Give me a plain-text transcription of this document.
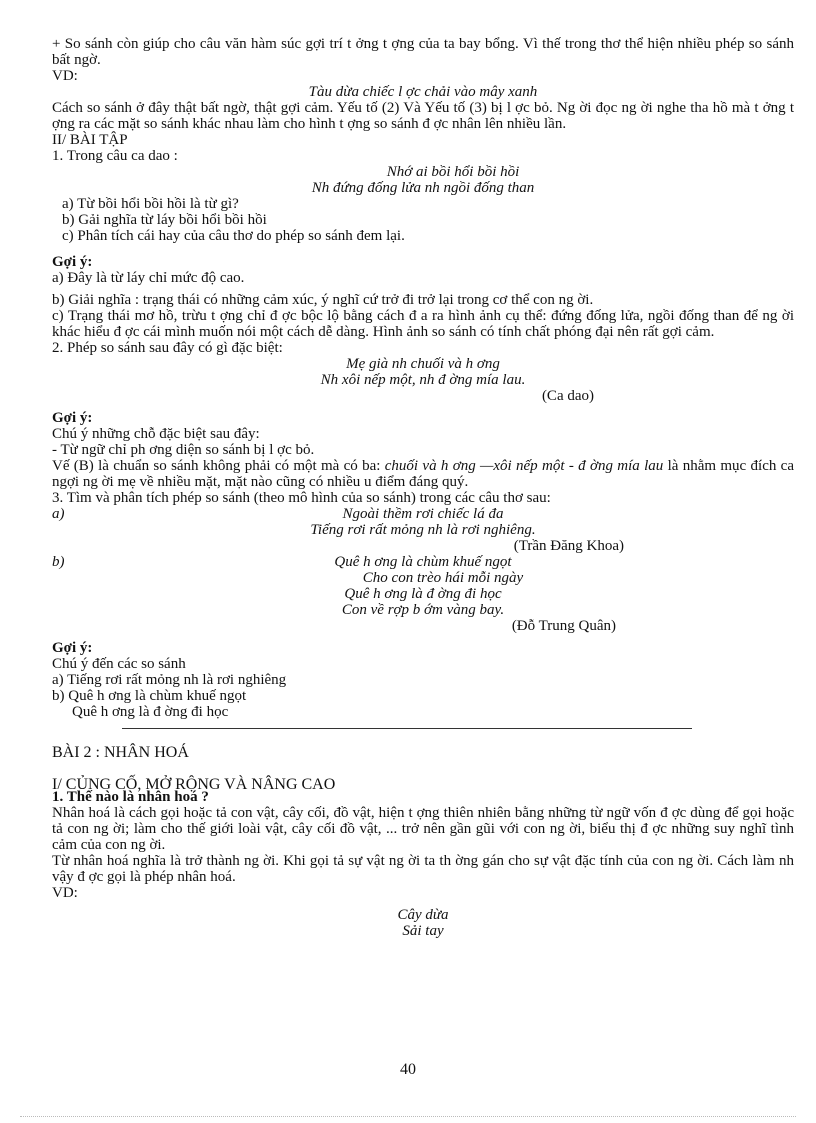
+ So sánh còn giúp cho câu văn hàm súc gợi trí t ởng t ợng của ta bay bổng. Vì thế trong thơ thể hiện nhiều phép so sánh bất ngờ.

VD:

Tàu dừa chiếc l ợc chải vào mây xanh

Cách so sánh ở đây thật bất ngờ, thật gợi cảm. Yếu tố (2) Và Yếu tố (3) bị l ợc bỏ. Ng ời đọc ng ời nghe tha hồ mà t ởng t ợng ra các mặt so sánh khác nhau làm cho hình t ợng so sánh đ ợc nhân lên nhiều lần.

II/ BÀI TẬP

1. Trong câu ca dao :

Nhớ ai bồi hổi bồi hồi

Nh đứng đống lửa nh ngồi đống than

a) Từ bồi hổi bồi hồi là từ gì?

b) Gải nghĩa từ láy bồi hổi bồi hồi

c) Phân tích cái hay của câu thơ do phép so sánh đem lại.

Gợi ý:

a) Đây là từ láy chỉ mức độ cao.

b) Giải nghĩa : trạng thái có những cảm xúc, ý nghĩ cứ trở đi trở lại trong cơ thể con ng ời.

c) Trạng thái mơ hồ, trừu t ợng chỉ đ ợc bộc lộ bằng cách đ a ra hình ảnh cụ thể: đứng đống lửa, ngồi đống than để ng ời khác hiểu đ ợc cái mình muốn nói một cách dễ dàng. Hình ảnh so sánh có tính chất phóng đại nên rất gợi cảm.

2. Phép so sánh sau đây có gì đặc biệt:

Mẹ già nh chuối và h ơng

Nh xôi nếp một, nh đ ờng mía lau.

(Ca dao)

Gợi ý:

Chú ý những chỗ đặc biệt sau đây:

- Từ ngữ chỉ ph ơng diện so sánh bị l ợc bỏ.

Vế (B) là chuẩn so sánh không phải có một mà có ba: chuối và h ơng —xôi nếp một - đ ờng mía lau là nhằm mục đích ca ngợi ng ời mẹ về nhiều mặt, mặt nào cũng có nhiều u điểm đáng quý.

3. Tìm và phân tích phép so sánh (theo mô hình của so sánh) trong các câu thơ sau:

a)	Ngoài thềm rơi chiếc lá đa

Tiếng rơi rất mỏng nh là rơi nghiêng.

(Trần Đăng Khoa)

b)	Quê h ơng là chùm khuế ngọt

Cho con trèo hái mỗi ngày

Quê h ơng là đ ờng đi học

Con về rợp b ớm vàng bay.

(Đỗ Trung Quân)

Gợi ý:

Chú ý đến các so sánh

a) Tiếng rơi rất mỏng nh là rơi nghiêng

b) Quê h ơng là chùm khuế ngọt

Quê h ơng là đ ờng đi học

BÀI 2 : NHÂN HOÁ

I/ CỦNG CỐ, MỞ RỘNG VÀ NÂNG CAO

1. Thế nào là nhân hoá ?

Nhân hoá là cách gọi hoặc tả con vật, cây cối, đồ vật, hiện t ợng thiên nhiên bằng những từ ngữ vốn đ ợc dùng để gọi hoặc tả con ng ời; làm cho thế giới loài vật, cây cối đồ vật, ... trở nên gần gũi với con ng ời, biểu thị đ ợc những suy nghĩ tình cảm của con ng ời.

Từ nhân hoá nghĩa là trở thành ng ời. Khi gọi tả sự vật ng ời ta th ờng gán cho sự vật đặc tính của con ng ời. Cách làm nh vậy đ ợc gọi là phép nhân hoá.

VD:

Cây dừa

Sải tay

40
